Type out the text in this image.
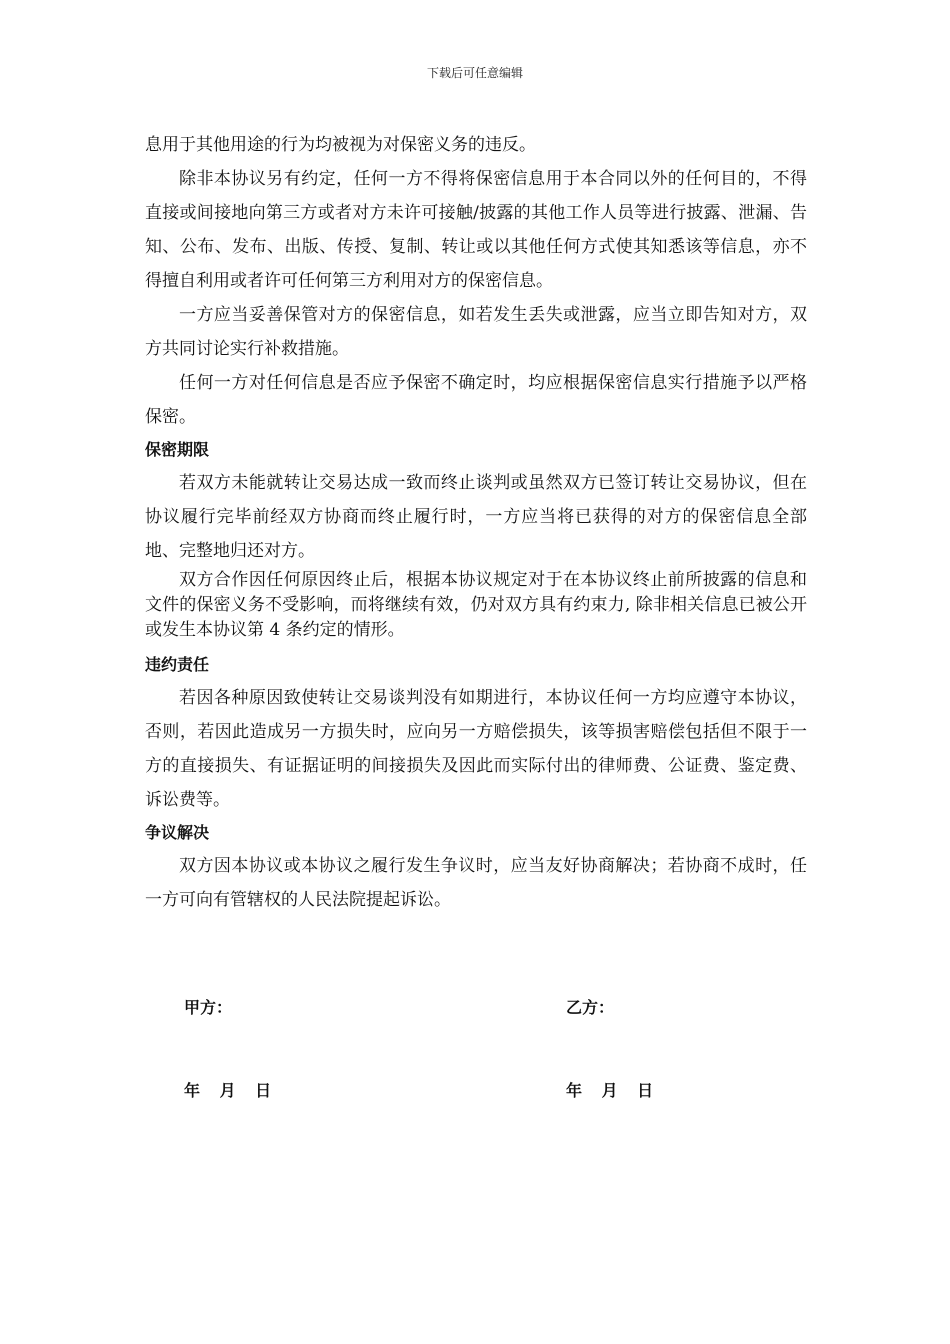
下载后可任意编辑

息用于其他用途的行为均被视为对保密义务的违反。

除非本协议另有约定，任何一方不得将保密信息用于本合同以外的任何目的，不得直接或间接地向第三方或者对方未许可接触/披露的其他工作人员等进行披露、泄漏、告知、公布、发布、出版、传授、复制、转让或以其他任何方式使其知悉该等信息，亦不得擅自利用或者许可任何第三方利用对方的保密信息。

一方应当妥善保管对方的保密信息，如若发生丢失或泄露，应当立即告知对方，双方共同讨论实行补救措施。

任何一方对任何信息是否应予保密不确定时，均应根据保密信息实行措施予以严格保密。

保密期限

若双方未能就转让交易达成一致而终止谈判或虽然双方已签订转让交易协议，但在协议履行完毕前经双方协商而终止履行时，一方应当将已获得的对方的保密信息全部地、完整地归还对方。

双方合作因任何原因终止后，根据本协议规定对于在本协议终止前所披露的信息和文件的保密义务不受影响，而将继续有效，仍对双方具有约束力, 除非相关信息已被公开或发生本协议第 4 条约定的情形。

违约责任

若因各种原因致使转让交易谈判没有如期进行，本协议任何一方均应遵守本协议，否则，若因此造成另一方损失时，应向另一方赔偿损失，该等损害赔偿包括但不限于一方的直接损失、有证据证明的间接损失及因此而实际付出的律师费、公证费、鉴定费、诉讼费等。

争议解决

双方因本协议或本协议之履行发生争议时，应当友好协商解决；若协商不成时，任一方可向有管辖权的人民法院提起诉讼。

甲方：	乙方：
年 月 日	年 月 日
